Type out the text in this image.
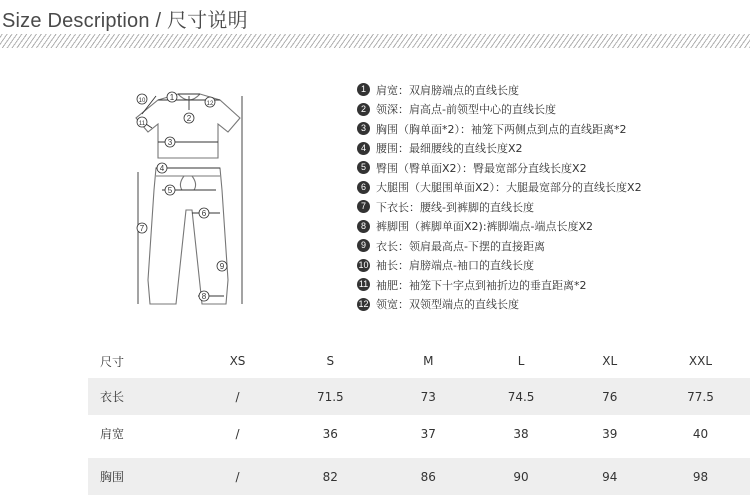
Size Description / 尺寸说明
1
2
3
4
5
6
7
8
9
10
11
12
1 肩宽：双肩膀端点的直线长度
2 领深：肩高点-前领型中心的直线长度
3 胸围（胸单面*2）：袖笼下两侧点到点的直线距离*2
4 腰围：最细腰线的直线长度X2
5 臀围（臀单面X2）：臀最宽部分直线长度X2
6 大腿围（大腿围单面X2）：大腿最宽部分的直线长度X2
7 下衣长：腰线-到裤脚的直线长度
8 裤脚围（裤脚单面X2):裤脚端点-端点长度X2
9 衣长：领肩最高点-下摆的直接距离
10 袖长：肩膀端点-袖口的直线长度
11 袖肥：袖笼下十字点到袖折边的垂直距离*2
12 领宽：双领型端点的直线长度
尺寸	XS	S	M	L	XL	XXL
衣长	/	71.5	73	74.5	76	77.5
肩宽	/	36	37	38	39	40

胸围	/	82	86	90	94	98
